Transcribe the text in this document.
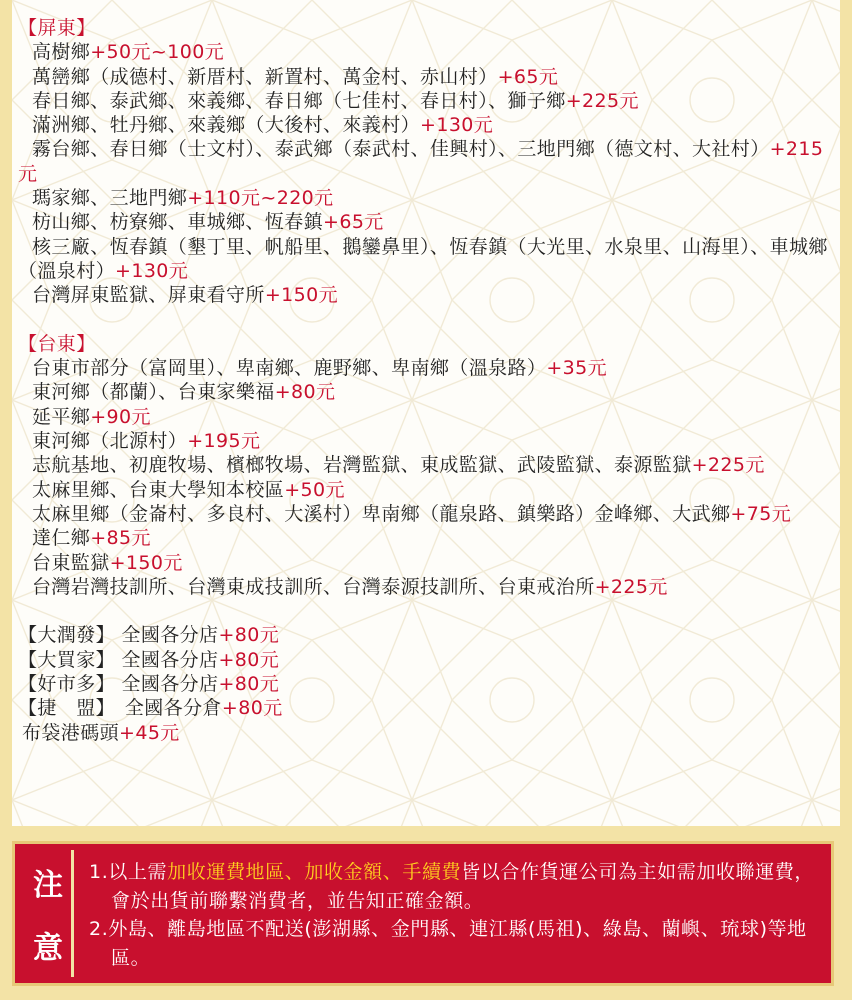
【屏東】
高樹鄉+50元~100元
萬巒鄉（成德村、新厝村、新置村、萬金村、赤山村）+65元
春日鄉、泰武鄉、來義鄉、春日鄉（七佳村、春日村）、獅子鄉+225元
滿洲鄉、牡丹鄉、來義鄉（大後村、來義村）+130元
霧台鄉、春日鄉（士文村）、泰武鄉（泰武村、佳興村）、三地門鄉（德文村、大社村）+215元
瑪家鄉、三地門鄉+110元~220元
枋山鄉、枋寮鄉、車城鄉、恆春鎮+65元
核三廠、恆春鎮（墾丁里、帆船里、鵝鑾鼻里）、恆春鎮（大光里、水泉里、山海里）、車城鄉（溫泉村）+130元
台灣屏東監獄、屏東看守所+150元
【台東】
台東市部分（富岡里）、卑南鄉、鹿野鄉、卑南鄉（溫泉路）+35元
東河鄉（都蘭）、台東家樂福+80元
延平鄉+90元
東河鄉（北源村）+195元
志航基地、初鹿牧場、檳榔牧場、岩灣監獄、東成監獄、武陵監獄、泰源監獄+225元
太麻里鄉、台東大學知本校區+50元
太麻里鄉（金崙村、多良村、大溪村）卑南鄉（龍泉路、鎮樂路）金峰鄉、大武鄉+75元
達仁鄉+85元
台東監獄+150元
台灣岩灣技訓所、台灣東成技訓所、台灣泰源技訓所、台東戒治所+225元
【大潤發】 全國各分店+80元
【大買家】 全國各分店+80元
【好市多】 全國各分店+80元
【捷　盟】　全國各分倉+80元
布袋港碼頭+45元
注
意
1.以上需加收運費地區、加收金額、手續費皆以合作貨運公司為主如需加收聯運費，會於出貨前聯繫消費者，並告知正確金額。
2.外島、離島地區不配送(澎湖縣、金門縣、連江縣(馬祖)、綠島、蘭嶼、琉球)等地區。
